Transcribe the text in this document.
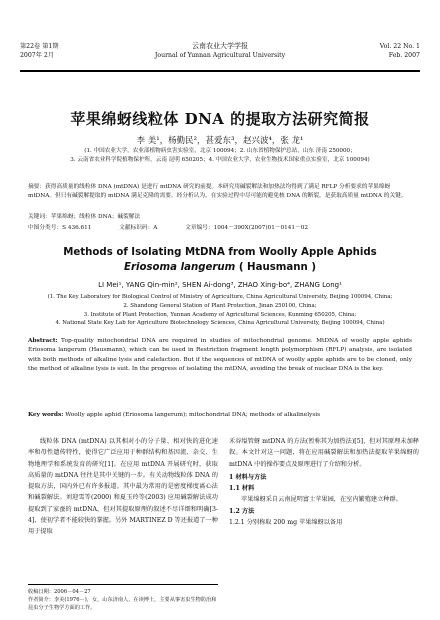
第22卷 第1期
2007年 2月
云南农业大学学报
Journal of Yunnan Agricultural University
Vol. 22 No. 1
Feb. 2007
苹果绵蚜线粒体 DNA 的提取方法研究简报
李 美¹，杨勤民²，甚爱东³，赵兴波⁴，张 龙¹
(1. 中国农业大学，农业部植物病虫害实验室，北京 100094；2. 山东省植物保护总站，山东 济南 250000；
3. 云南省农业科学院植物保护所，云南 昆明 650205；4. 中国农业大学，农业生物技术国家重点实验室，北京 100094)
摘要：获得高质量的线粒体 DNA (mtDNA) 是进行 mtDNA 研究的前提。本研究用碱裂解法和加热法均得到了满足 RFLP 分析要求的苹果绵蚜 mtDNA。但只有碱裂解提取的 mtDNA 满足克隆的需要。经分析认为，在实验过程中尽可能的避免核 DNA 的断裂，是获取高质量 mtDNA 的关键。
关键词：苹果绵蚜；线粒体 DNA；碱裂解法
中图分类号：S 436.611	文献标识码：A	文章编号：1004－390X(2007)01－0141－02
Methods of Isolating MtDNA from Woolly Apple Aphids
Eriosoma langerum ( Hausmann )
LI Mei¹, YANG Qin-min², SHEN Ai-dong³, ZHAO Xing-bo⁴, ZHANG Long¹
(1. The Key Laboratory for Biological Control of Ministry of Agriculture, China Agricultural University, Beijing 100094, China;
2. Shandong General Station of Plant Protection, Jinan 250100, China;
3. Institute of Plant Protection, Yunnan Academy of Agricultural Sciences, Kunming 650205, China;
4. National State Key Lab for Agriculture Biotechnology Sciences, China Agricultural University, Beijing 100094, China)
Abstract: Top-quality mitochondrial DNA are required in studies of mitochondrial genome. MtDNA of woolly apple aphids Eriosoma langerum (Hausmann), which can be used in Restriction fragment length polymorphism (RFLP) analysis, are isolated with both methods of alkaline lysis and calefaction. But if the sequences of mtDNA of woolly apple aphids are to be cloned, only the method of alkaline lysis is suit. In the progress of isolating the mtDNA, avoiding the break of nuclear DNA is the key.
Key words: Woolly apple aphid (Eriosoma langerum); mitochondrial DNA; methods of alkalinelysis
线粒体 DNA (mtDNA) 以其相对小的分子量、相对快的进化速率和母性遗传特性，使得它广泛应用于种群结构和基因流、杂交、生物地理学和系统发育的研究[1]。在应用 mtDNA 开展研究时，获取高质量的 mtDNA 往往是其中关键的一步。有关动物线粒体 DNA 的提取方法，国内外已有许多报道。其中最为常用的是密度梯度离心法和碱裂解法。刘迎雪等(2000) 和夏玉玲等(2003) 应用碱裂解法成功提取到了家蚕的 mtDNA，但对其提取原理的叙述不尽详细和明确[3-4]，使初学者不能较快的掌握。另外 MARTINEZ D 等还报道了一种用于提取
禾谷缢管蚜 mtDNA 的方法(暂称其为加热法)[5]，但对其原理未加释叙。本文针对这一问题，将在应用碱裂解法和加热法提取苹果绵蚜的 mtDNA 中的操作要点及原理进行了介绍和分析。
1 材料与方法
1.1 材料
苹果绵蚜采自云南昆明富士苹果园，在室内繁殖建立种群。
1.2 方法
1.2.1 分别称取 200 mg 苹果绵蚜以备用
收稿日期：2006－04－27
作者简介：李美(1976－)，女，山东济南人，在读博士，主要从事害虫生物防治和昆虫分子生物学方面的工作。
